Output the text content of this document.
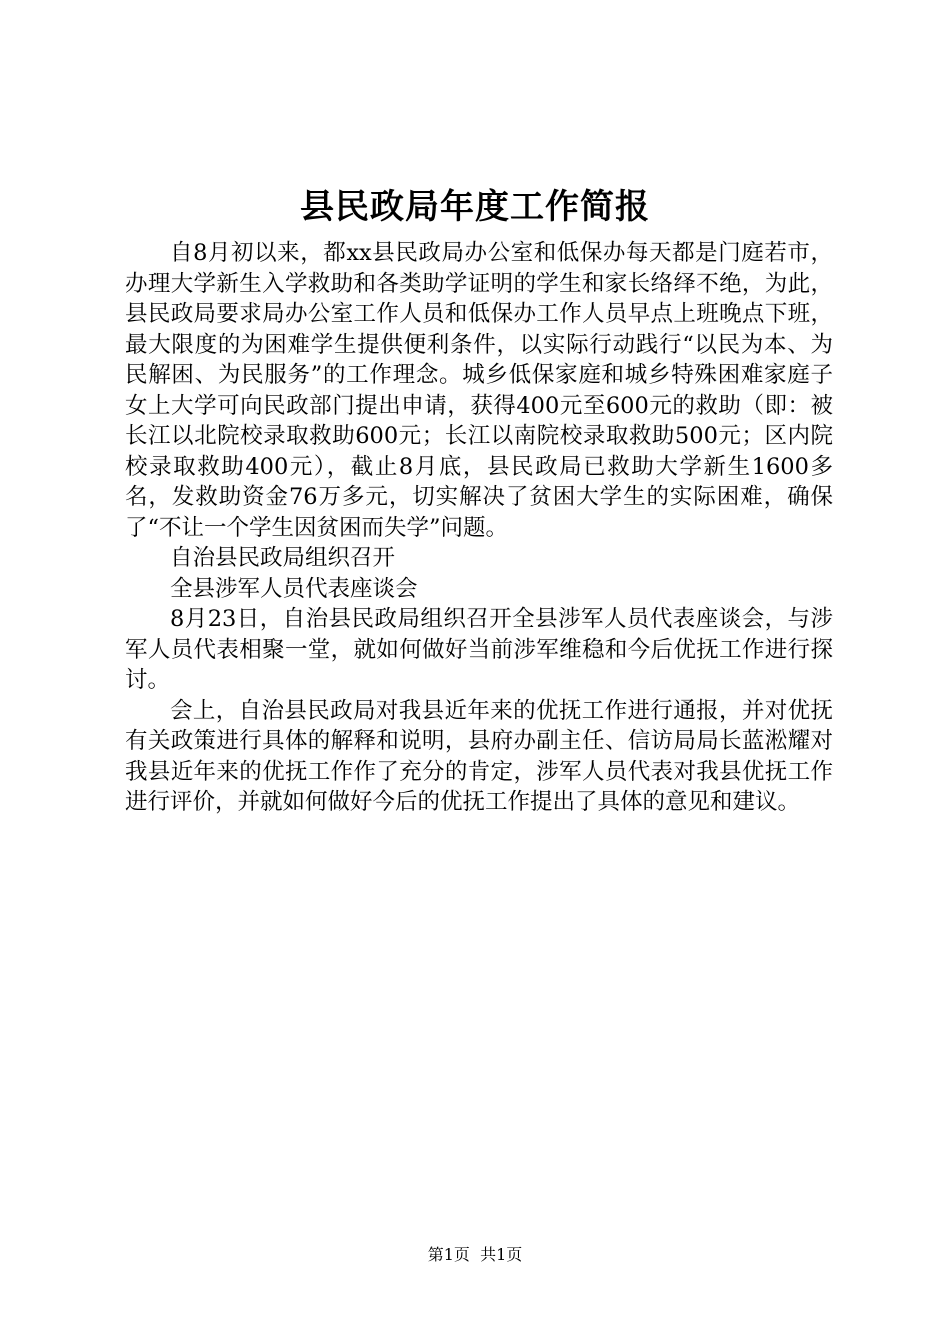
县民政局年度工作简报

自8月初以来，都xx县民政局办公室和低保办每天都是门庭若市，办理大学新生入学救助和各类助学证明的学生和家长络绎不绝，为此，县民政局要求局办公室工作人员和低保办工作人员早点上班晚点下班，最大限度的为困难学生提供便利条件，以实际行动践行“以民为本、为民解困、为民服务”的工作理念。城乡低保家庭和城乡特殊困难家庭子女上大学可向民政部门提出申请，获得400元至600元的救助（即：被长江以北院校录取救助600元；长江以南院校录取救助500元；区内院校录取救助400元），截止8月底，县民政局已救助大学新生1600多名，发救助资金76万多元，切实解决了贫困大学生的实际困难，确保了“不让一个学生因贫困而失学”问题。

自治县民政局组织召开

全县涉军人员代表座谈会

8月23日，自治县民政局组织召开全县涉军人员代表座谈会，与涉军人员代表相聚一堂，就如何做好当前涉军维稳和今后优抚工作进行探讨。

会上，自治县民政局对我县近年来的优抚工作进行通报，并对优抚有关政策进行具体的解释和说明，县府办副主任、信访局局长蓝淞耀对我县近年来的优抚工作作了充分的肯定，涉军人员代表对我县优抚工作进行评价，并就如何做好今后的优抚工作提出了具体的意见和建议。

第1页  共1页
